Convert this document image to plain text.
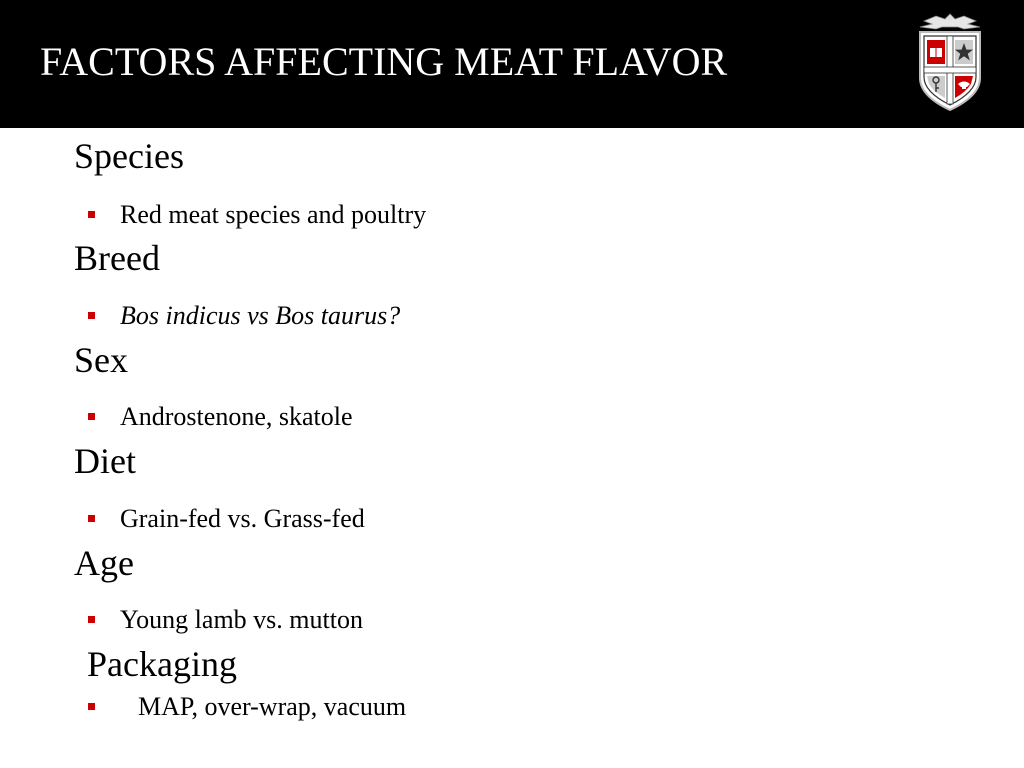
FACTORS AFFECTING MEAT FLAVOR
Species
Red meat species and poultry
Breed
Bos indicus vs Bos taurus?
Sex
Androstenone, skatole
Diet
Grain-fed vs. Grass-fed
Age
Young lamb vs. mutton
Packaging
MAP, over-wrap, vacuum
